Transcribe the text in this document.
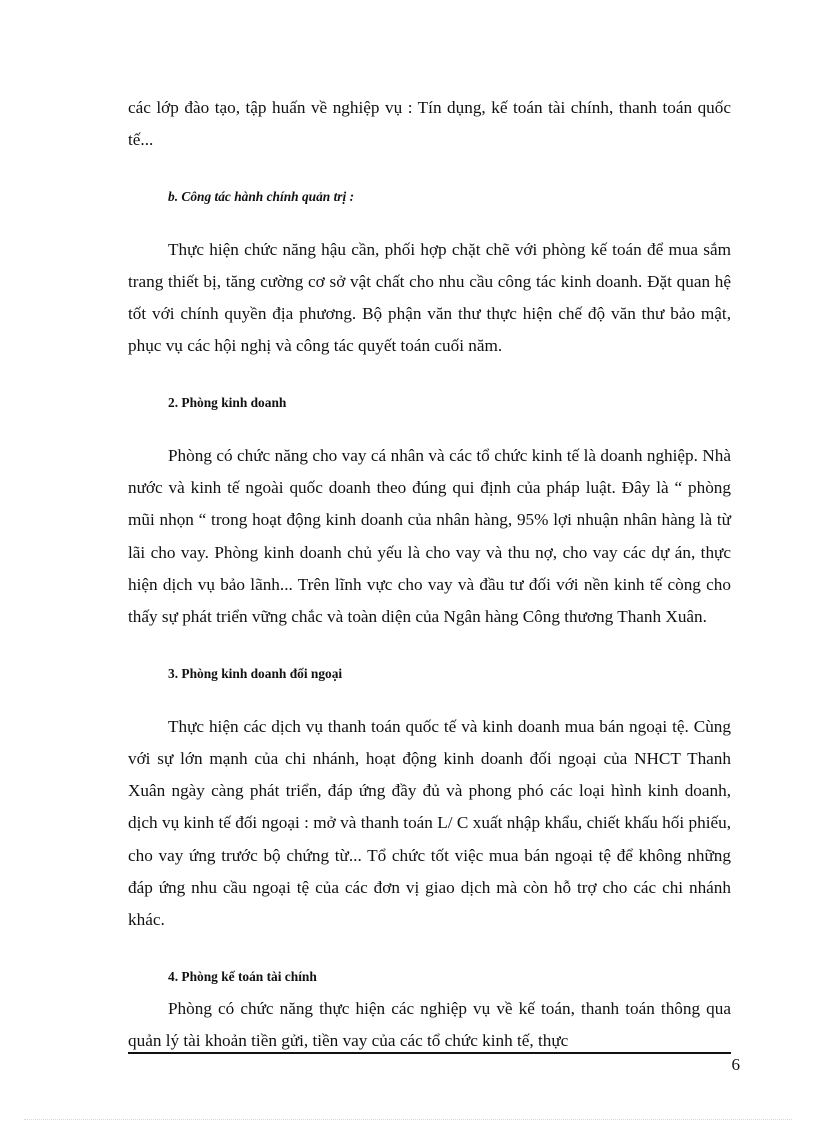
các lớp đào tạo, tập huấn về nghiệp vụ : Tín dụng, kế toán tài chính, thanh toán quốc tế...

b. Công tác hành chính quản trị :

Thực hiện chức năng hậu cần, phối hợp chặt chẽ với phòng kế toán để mua sắm trang thiết bị, tăng cường cơ sở vật chất cho nhu cầu công tác kinh doanh. Đặt quan hệ tốt với chính quyền địa phương. Bộ phận văn thư thực hiện chế độ văn thư bảo mật, phục vụ các hội nghị và công tác quyết toán cuối năm.

2. Phòng kinh doanh

Phòng có chức năng cho vay cá nhân và các tổ chức kinh tế là doanh nghiệp. Nhà nước và kinh tế ngoài quốc doanh theo đúng qui định của pháp luật. Đây là “ phòng mũi nhọn “ trong hoạt động kinh doanh của nhân hàng, 95% lợi nhuận nhân hàng là từ lãi cho vay. Phòng kinh doanh chủ yếu là cho vay và thu nợ, cho vay các dự án, thực hiện dịch vụ bảo lãnh... Trên lĩnh vực cho vay và đầu tư đối với nền kinh tế còng cho thấy sự phát triển vững chắc và toàn diện của Ngân hàng Công thương Thanh Xuân.

3. Phòng kinh doanh đối ngoại

Thực hiện các dịch vụ thanh toán quốc tế và kinh doanh mua bán ngoại tệ. Cùng với sự lớn mạnh của chi nhánh, hoạt động kinh doanh đối ngoại của NHCT Thanh Xuân ngày càng phát triển, đáp ứng đầy đủ và phong phó các loại hình kinh doanh, dịch vụ kinh tế đối ngoại : mở và thanh toán L/ C xuất nhập khẩu, chiết khấu hối phiếu, cho vay ứng trước bộ chứng từ... Tổ chức tốt việc mua bán ngoại tệ để không những đáp ứng nhu cầu ngoại tệ của các đơn vị giao dịch mà còn hỗ trợ cho các chi nhánh khác.

4. Phòng kế toán tài chính

Phòng có chức năng thực hiện các nghiệp vụ về kế toán, thanh toán thông qua quản lý tài khoản tiền gửi, tiền vay của các tổ chức kinh tế, thực

6
